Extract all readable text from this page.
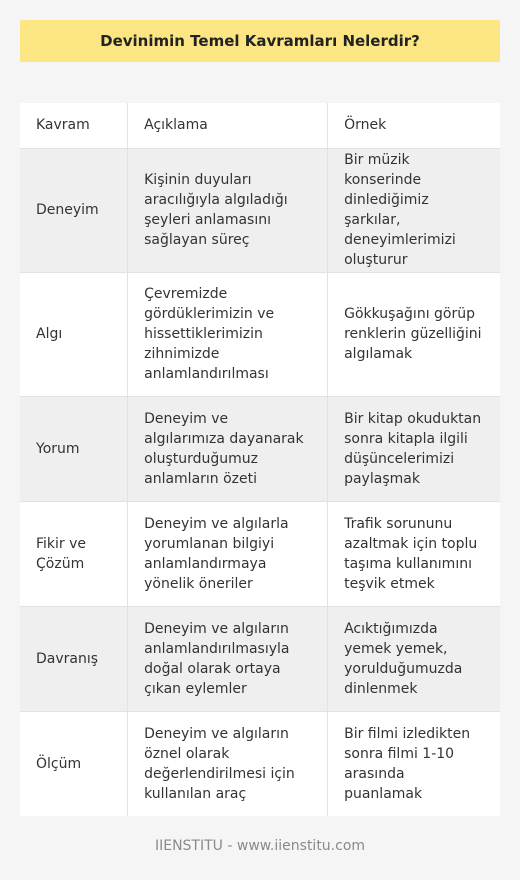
Devinimin Temel Kavramları Nelerdir?
Kavram	Açıklama	Örnek
Deneyim	Kişinin duyuları aracılığıyla algıladığı şeyleri anlamasını sağlayan süreç	Bir müzik konserinde dinlediğimiz şarkılar, deneyimlerimizi oluşturur
Algı	Çevremizde gördüklerimizin ve hissettiklerimizin zihnimizde anlamlandırılması	Gökkuşağını görüp renklerin güzelliğini algılamak
Yorum	Deneyim ve algılarımıza dayanarak oluşturduğumuz anlamların özeti	Bir kitap okuduktan sonra kitapla ilgili düşüncelerimizi paylaşmak
Fikir ve Çözüm	Deneyim ve algılarla yorumlanan bilgiyi anlamlandırmaya yönelik öneriler	Trafik sorununu azaltmak için toplu taşıma kullanımını teşvik etmek
Davranış	Deneyim ve algıların anlamlandırılmasıyla doğal olarak ortaya çıkan eylemler	Acıktığımızda yemek yemek, yorulduğumuzda dinlenmek
Ölçüm	Deneyim ve algıların öznel olarak değerlendirilmesi için kullanılan araç	Bir filmi izledikten sonra filmi 1-10 arasında puanlamak
IIENSTITU - www.iienstitu.com
